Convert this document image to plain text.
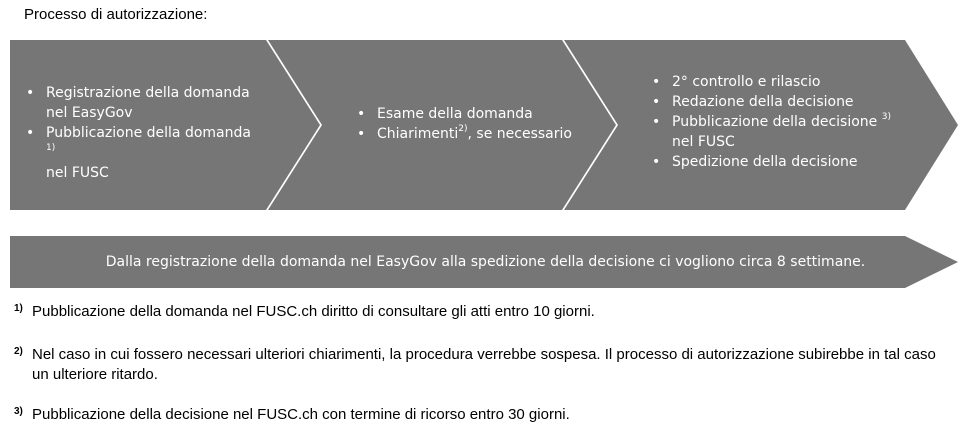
Processo di autorizzazione:
• Registrazione della domanda nel EasyGov
• Pubblicazione della domanda $^{1)}$
nel FUSC
• Esame della domanda
• Chiarimenti$^{2)}$, se necessario
• 2° controllo e rilascio
• Redazione della decisione
• Pubblicazione della decisione $^{3)}$
nel FUSC
• Spedizione della decisione
Dalla registrazione della domanda nel EasyGov alla spedizione della decisione ci vogliono circa 8 settimane.
1) Pubblicazione della domanda nel FUSC.ch diritto di consultare gli atti entro 10 giorni.
2) Nel caso in cui fossero necessari ulteriori chiarimenti, la procedura verrebbe sospesa. Il processo di autorizzazione subirebbe in tal caso un ulteriore ritardo.
3) Pubblicazione della decisione nel FUSC.ch con termine di ricorso entro 30 giorni.
